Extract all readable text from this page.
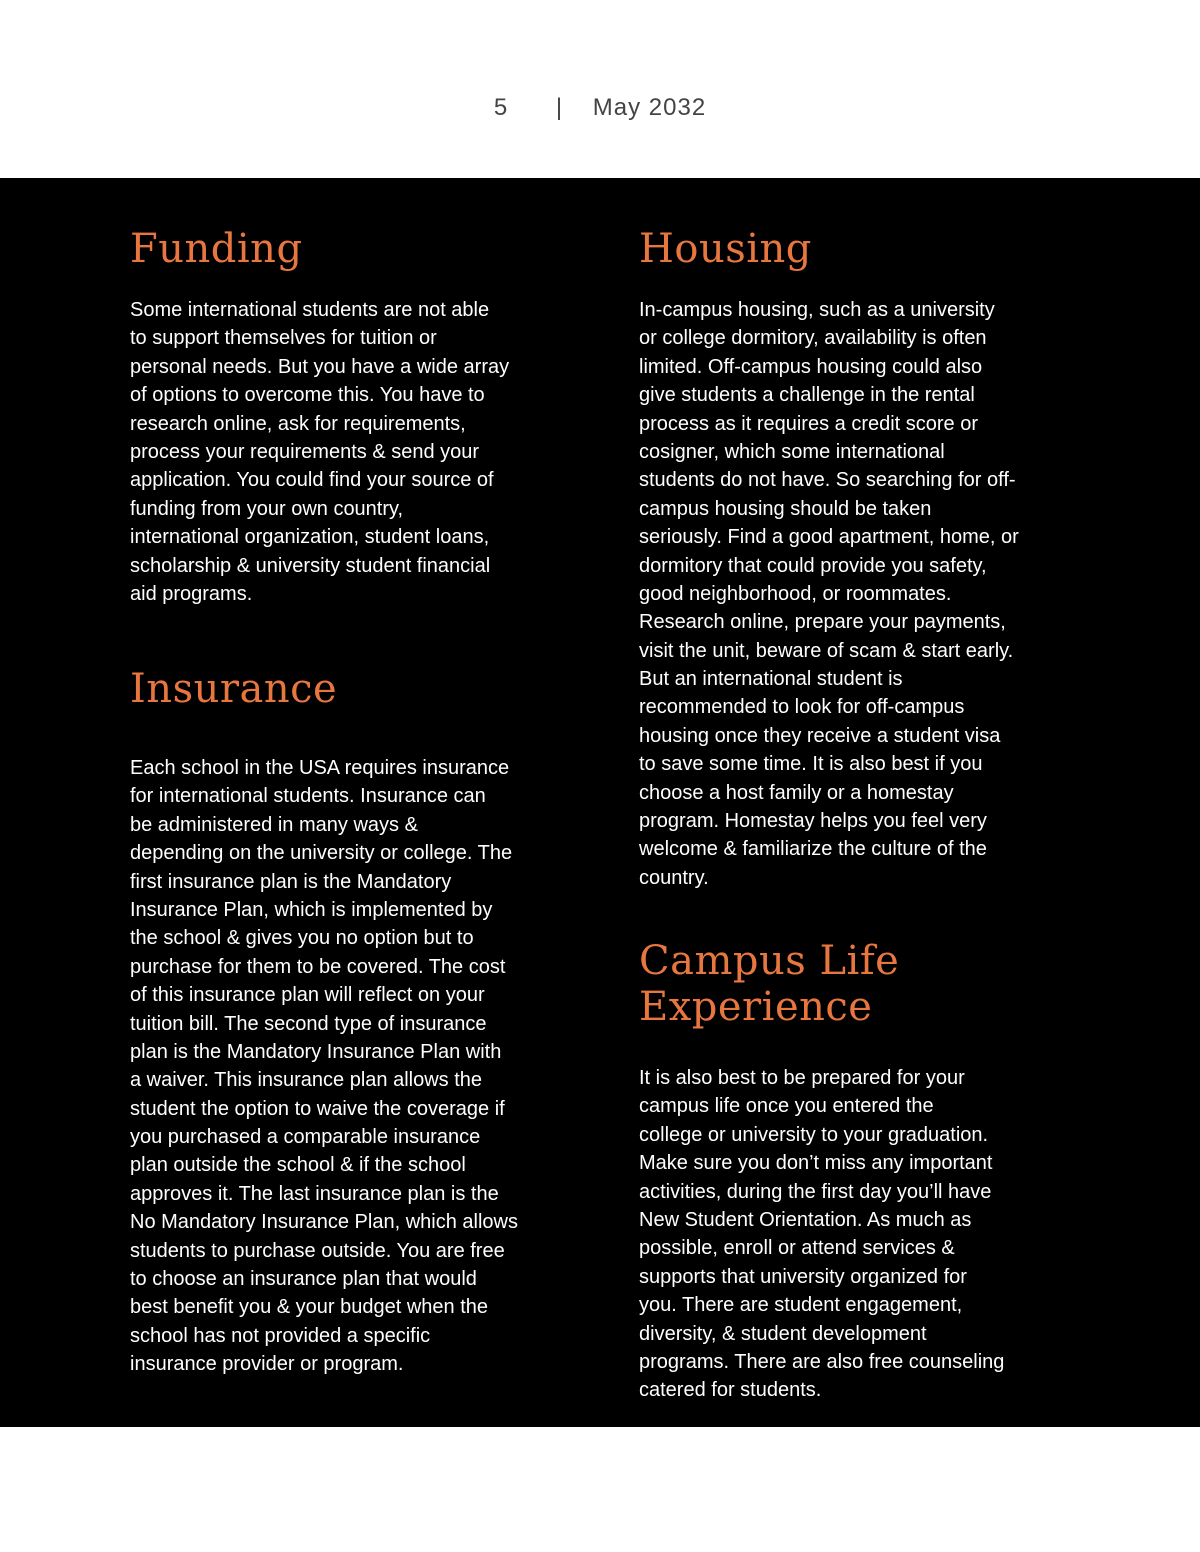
5 | May 2032
Funding
Some international students are not able
to support themselves for tuition or
personal needs. But you have a wide array
of options to overcome this. You have to
research online, ask for requirements,
process your requirements & send your
application. You could find your source of
funding from your own country,
international organization, student loans,
scholarship & university student financial
aid programs.
Insurance
Each school in the USA requires insurance
for international students. Insurance can
be administered in many ways &
depending on the university or college. The
first insurance plan is the Mandatory
Insurance Plan, which is implemented by
the school & gives you no option but to
purchase for them to be covered. The cost
of this insurance plan will reflect on your
tuition bill. The second type of insurance
plan is the Mandatory Insurance Plan with
a waiver. This insurance plan allows the
student the option to waive the coverage if
you purchased a comparable insurance
plan outside the school & if the school
approves it. The last insurance plan is the
No Mandatory Insurance Plan, which allows
students to purchase outside. You are free
to choose an insurance plan that would
best benefit you & your budget when the
school has not provided a specific
insurance provider or program.
Housing
In-campus housing, such as a university
or college dormitory, availability is often
limited. Off-campus housing could also
give students a challenge in the rental
process as it requires a credit score or
cosigner, which some international
students do not have. So searching for off-
campus housing should be taken
seriously. Find a good apartment, home, or
dormitory that could provide you safety,
good neighborhood, or roommates.
Research online, prepare your payments,
visit the unit, beware of scam & start early.
But an international student is
recommended to look for off-campus
housing once they receive a student visa
to save some time. It is also best if you
choose a host family or a homestay
program. Homestay helps you feel very
welcome & familiarize the culture of the
country.
Campus Life
Experience
It is also best to be prepared for your
campus life once you entered the
college or university to your graduation.
Make sure you don’t miss any important
activities, during the first day you’ll have
New Student Orientation. As much as
possible, enroll or attend services &
supports that university organized for
you. There are student engagement,
diversity, & student development
programs. There are also free counseling
catered for students.
